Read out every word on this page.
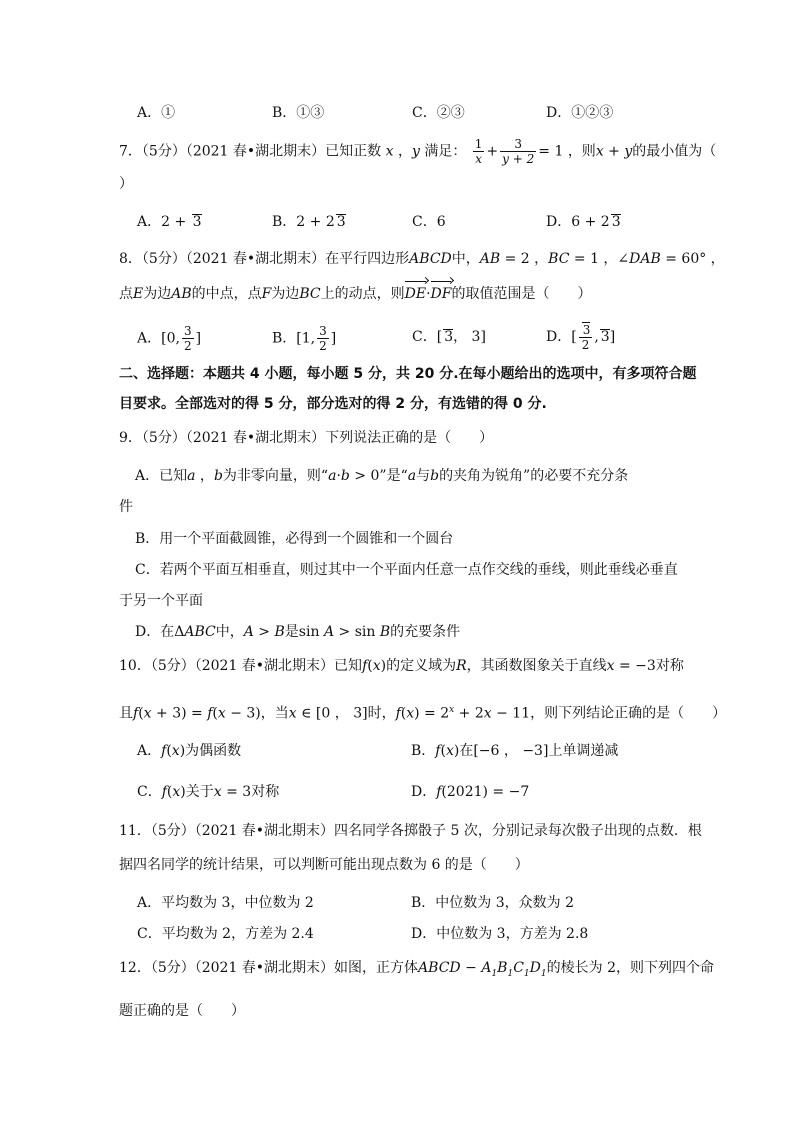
A．①	B．①③	C．②③	D．①②③
7．（5分）（2021 春•湖北期末）已知正数 x ，y 满足： $\frac{1}{x} + \frac{3}{y + 2} = 1$ ，则x + y的最小值为（
）
A．2 + 3	B．2 + 2 3	C．6	D．6 + 2 3
8．（5分）（2021 春•湖北期末）在平行四边形ABCD中，AB = 2 ，BC = 1 ，∠DAB = 60° ，
点E为边AB的中点，点F为边BC上的动点，则DE·DF的取值范围是（　　）
A．[0, $\frac{3}{2}$ ]	B．[1, $\frac{3}{2}$ ]	C．[ 3， 3]	D．[ $\frac{3}{2}$ , 3]
二、选择题：本题共 4 小题，每小题 5 分，共 20 分.在每小题给出的选项中，有多项符合题
目要求。全部选对的得 5 分，部分选对的得 2 分，有选错的得 0 分.
9．（5分）（2021 春•湖北期末）下列说法正确的是（　　）
A．已知a ，b为非零向量，则“a·b > 0”是“a与b的夹角为锐角”的必要不充分条
件
B．用一个平面截圆锥，必得到一个圆锥和一个圆台
C．若两个平面互相垂直，则过其中一个平面内任意一点作交线的垂线，则此垂线必垂直
于另一个平面
D．在ΔABC中，A > B是sin A > sin B的充要条件
10．（5分）（2021 春•湖北期末）已知f(x)的定义域为R，其函数图象关于直线x = −3对称
且f(x + 3) = f(x − 3)，当x ∈ [0 ， 3]时，$f(x) = 2^x + 2x - 11$，则下列结论正确的是（　　）
A．f(x)为偶函数	B．f(x)在[−6 ， −3]上单调递减
C．f(x)关于x = 3对称	D．f(2021) = −7
11．（5分）（2021 春•湖北期末）四名同学各掷骰子 5 次，分别记录每次骰子出现的点数．根
据四名同学的统计结果，可以判断可能出现点数为 6 的是（　　）
A．平均数为 3，中位数为 2	B．中位数为 3，众数为 2
C．平均数为 2，方差为 2.4	D．中位数为 3，方差为 2.8
12．（5分）（2021 春•湖北期末）如图，正方体ABCD − $A_1B_1C_1D_1$的棱长为 2，则下列四个命
题正确的是（　　）
